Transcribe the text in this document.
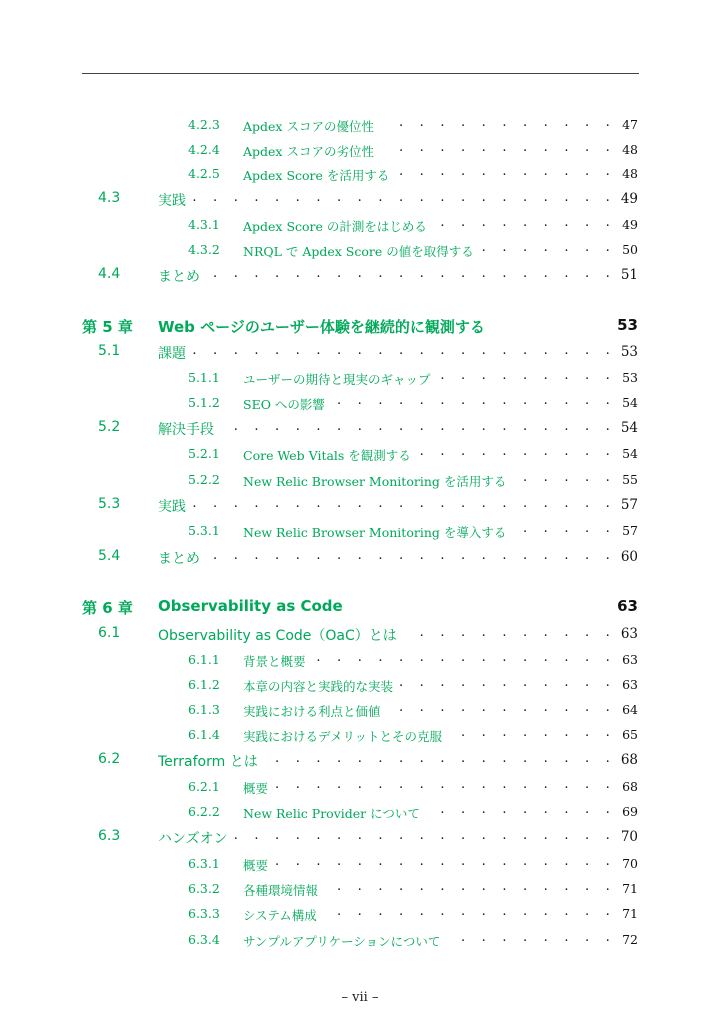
4.2.3 Apdex スコアの優位性 . . . . . . . . . . . 47
4.2.4 Apdex スコアの劣位性 . . . . . . . . . . . 48
4.2.5 Apdex Score を活用する . . . . . . . . . . . 48
4.3	実践 . . . . . . . . . . . . . . . . . . . . . 49
4.3.1 Apdex Score の計測をはじめる . . . . . . . . . 49
4.3.2 NRQL で Apdex Score の値を取得する . . . . . . . 50
4.4	まとめ . . . . . . . . . . . . . . . . . . . . 51
第 5 章 Web ページのユーザー体験を継続的に観測する	53
5.1	課題 . . . . . . . . . . . . . . . . . . . . . 53
5.1.1 ユーザーの期待と現実のギャップ . . . . . . . . . 53
5.1.2 SEO への影響 . . . . . . . . . . . . . . 54
5.2	解決手段 . . . . . . . . . . . . . . . . . . . 54
5.2.1 Core Web Vitals を観測する . . . . . . . . . . 54
5.2.2 New Relic Browser Monitoring を活用する . . . . . 55
5.3	実践 . . . . . . . . . . . . . . . . . . . . . 57
5.3.1 New Relic Browser Monitoring を導入する . . . . . 57
5.4	まとめ . . . . . . . . . . . . . . . . . . . . 60
第 6 章 Observability as Code	63
6.1	Observability as Code（OaC）とは . . . . . . . . . . 63
6.1.1 背景と概要 . . . . . . . . . . . . . . . 63
6.1.2 本章の内容と実践的な実装 . . . . . . . . . . . 63
6.1.3 実践における利点と価値 . . . . . . . . . . . 64
6.1.4 実践におけるデメリットとその克服 . . . . . . . . 65
6.2	Terraform とは . . . . . . . . . . . . . . . . . 68
6.2.1 概要 . . . . . . . . . . . . . . . . . 68
6.2.2 New Relic Provider について . . . . . . . . . 69
6.3	ハンズオン . . . . . . . . . . . . . . . . . . . 70
6.3.1 概要 . . . . . . . . . . . . . . . . . 70
6.3.2 各種環境情報 . . . . . . . . . . . . . . 71
6.3.3 システム構成 . . . . . . . . . . . . . . 71
6.3.4 サンプルアプリケーションについて . . . . . . . . 72
– vii –
